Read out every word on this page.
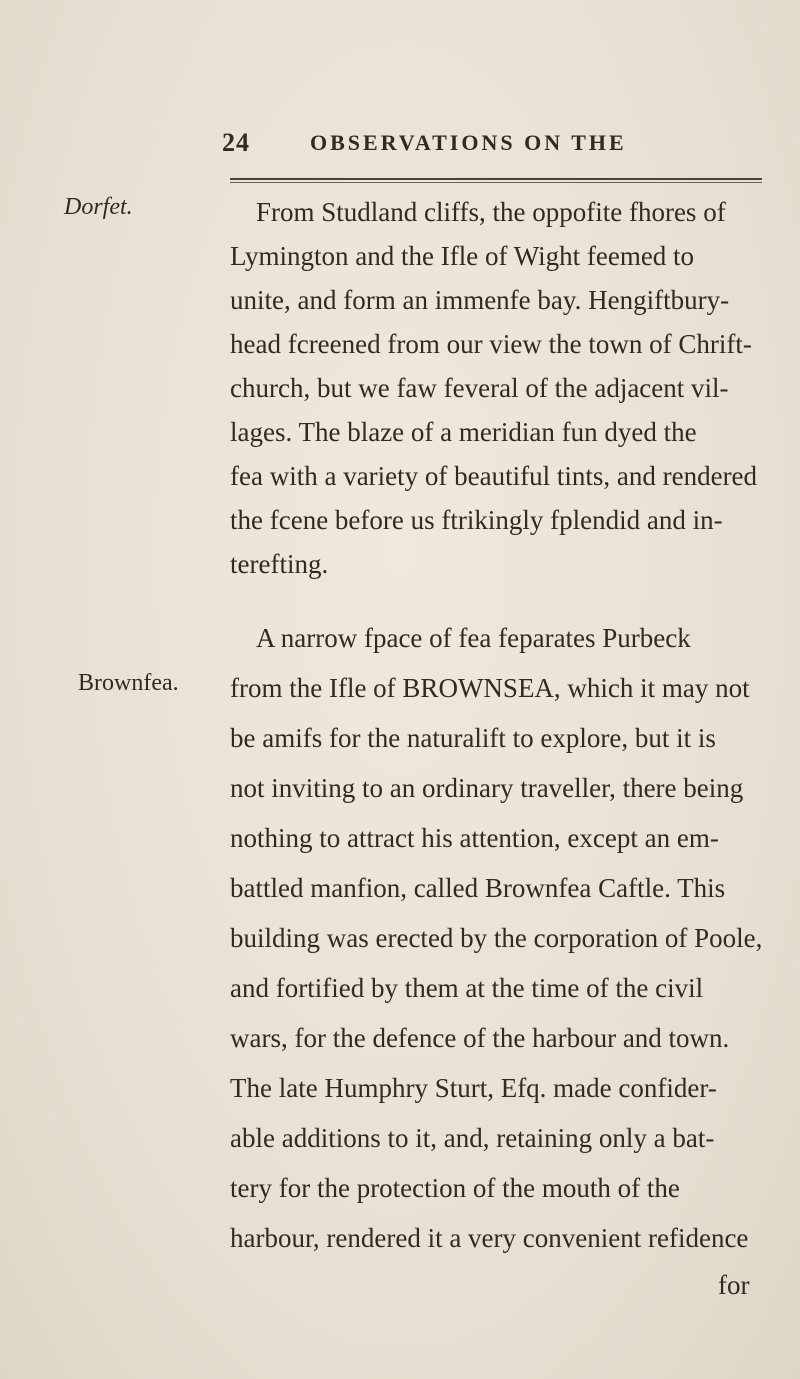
24	OBSERVATIONS ON THE
Dorfet.
Brownfea.
From Studland cliffs, the oppofite fhores of
Lymington and the Ifle of Wight feemed to
unite, and form an immenfe bay. Hengiftbury-
head fcreened from our view the town of Chrift-
church, but we faw feveral of the adjacent vil-
lages. The blaze of a meridian fun dyed the
fea with a variety of beautiful tints, and rendered
the fcene before us ftrikingly fplendid and in-
terefting.
A narrow fpace of fea feparates Purbeck
from the Ifle of BROWNSEA, which it may not
be amifs for the naturalift to explore, but it is
not inviting to an ordinary traveller, there being
nothing to attract his attention, except an em-
battled manfion, called Brownfea Caftle. This
building was erected by the corporation of Poole,
and fortified by them at the time of the civil
wars, for the defence of the harbour and town.
The late Humphry Sturt, Efq. made confider-
able additions to it, and, retaining only a bat-
tery for the protection of the mouth of the
harbour, rendered it a very convenient refidence
for
